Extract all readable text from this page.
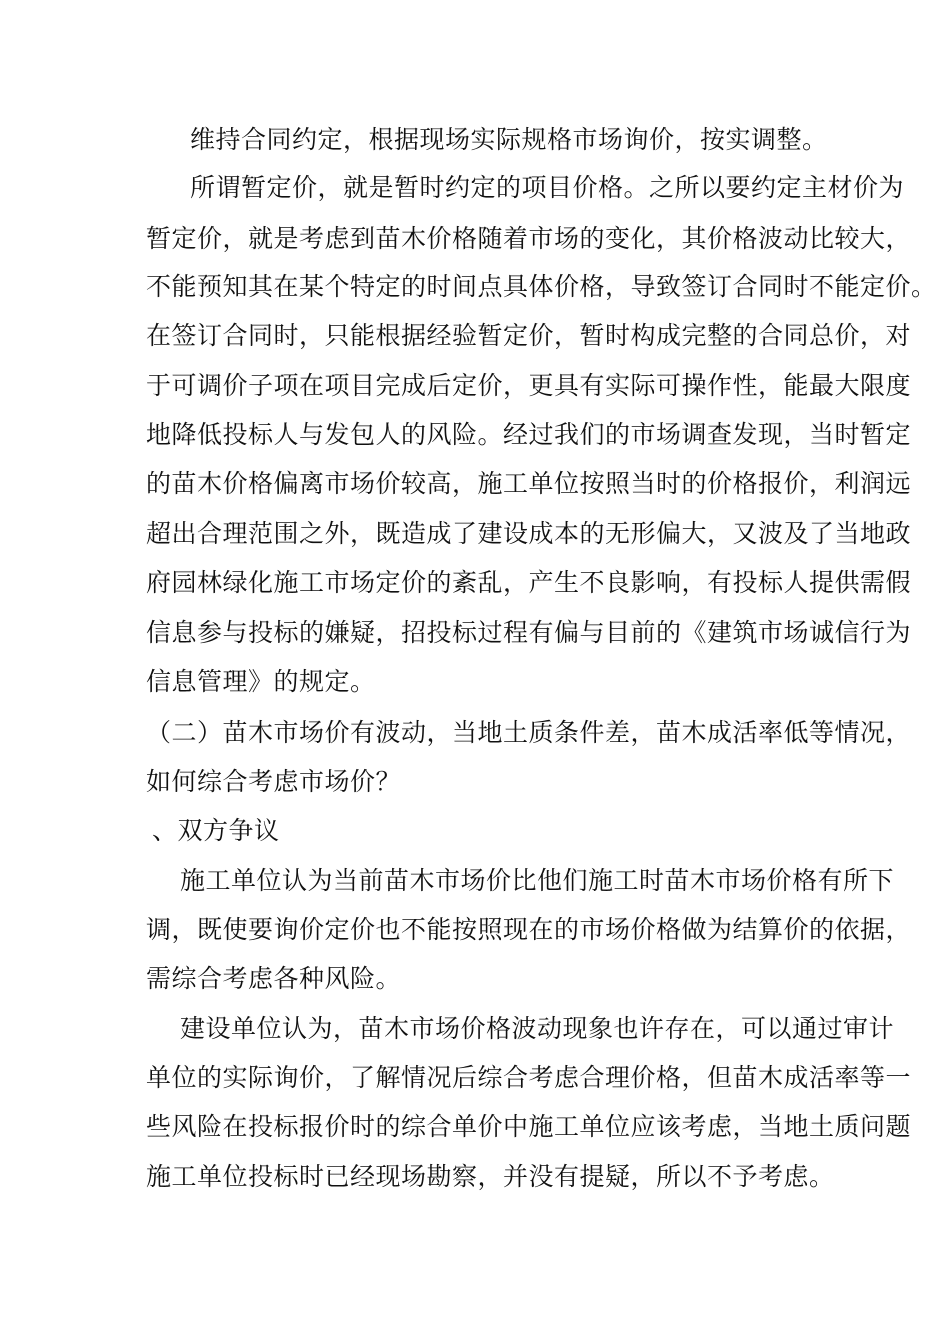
维持合同约定，根据现场实际规格市场询价，按实调整。
所谓暂定价，就是暂时约定的项目价格。之所以要约定主材价为
暂定价，就是考虑到苗木价格随着市场的变化，其价格波动比较大，
不能预知其在某个特定的时间点具体价格，导致签订合同时不能定价。
在签订合同时，只能根据经验暂定价，暂时构成完整的合同总价，对
于可调价子项在项目完成后定价，更具有实际可操作性，能最大限度
地降低投标人与发包人的风险。经过我们的市场调查发现，当时暂定
的苗木价格偏离市场价较高，施工单位按照当时的价格报价，利润远
超出合理范围之外，既造成了建设成本的无形偏大，又波及了当地政
府园林绿化施工市场定价的紊乱，产生不良影响，有投标人提供需假
信息参与投标的嫌疑，招投标过程有偏与目前的《建筑市场诚信行为
信息管理》的规定。
（二）苗木市场价有波动，当地土质条件差，苗木成活率低等情况，
如何综合考虑市场价？
、双方争议
施工单位认为当前苗木市场价比他们施工时苗木市场价格有所下
调，既使要询价定价也不能按照现在的市场价格做为结算价的依据，
需综合考虑各种风险。
建设单位认为，苗木市场价格波动现象也许存在，可以通过审计
单位的实际询价，了解情况后综合考虑合理价格，但苗木成活率等一
些风险在投标报价时的综合单价中施工单位应该考虑，当地土质问题
施工单位投标时已经现场勘察，并没有提疑，所以不予考虑。
